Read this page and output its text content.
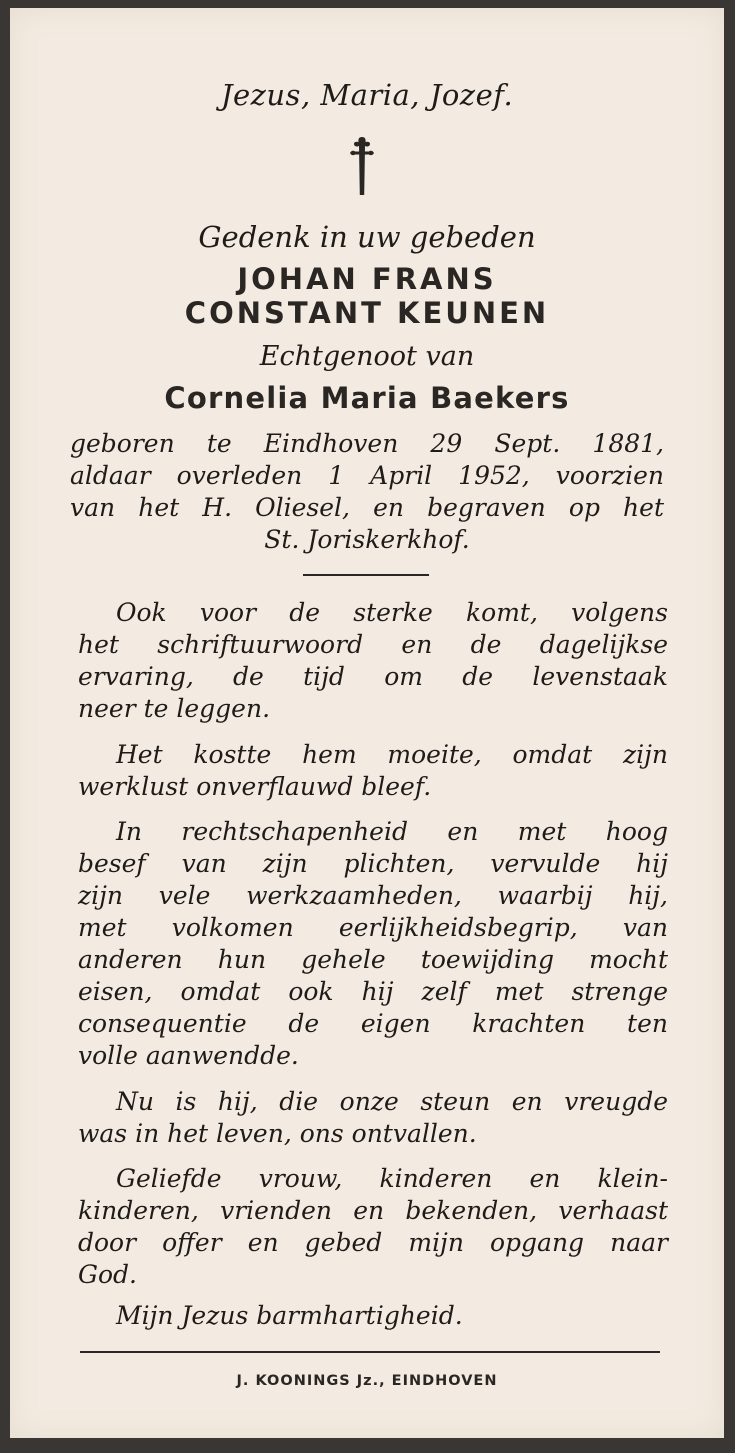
Jezus, Maria, Jozef.
Gedenk in uw gebeden
JOHAN FRANS
CONSTANT KEUNEN
Echtgenoot van
Cornelia Maria Baekers
geboren te Eindhoven 29 Sept. 1881,
aldaar overleden 1 April 1952, voorzien
van het H. Oliesel, en begraven op het
St. Joriskerkhof.
Ook voor de sterke komt, volgens
het schriftuurwoord en de dagelijkse
ervaring, de tijd om de levenstaak
neer te leggen.
Het kostte hem moeite, omdat zijn
werklust onverflauwd bleef.
In rechtschapenheid en met hoog
besef van zijn plichten, vervulde hij
zijn vele werkzaamheden, waarbij hij,
met volkomen eerlijkheidsbegrip, van
anderen hun gehele toewijding mocht
eisen, omdat ook hij zelf met strenge
consequentie de eigen krachten ten
volle aanwendde.
Nu is hij, die onze steun en vreugde
was in het leven, ons ontvallen.
Geliefde vrouw, kinderen en klein-
kinderen, vrienden en bekenden, verhaast
door offer en gebed mijn opgang naar
God.
Mijn Jezus barmhartigheid.
J. KOONINGS Jz., EINDHOVEN
